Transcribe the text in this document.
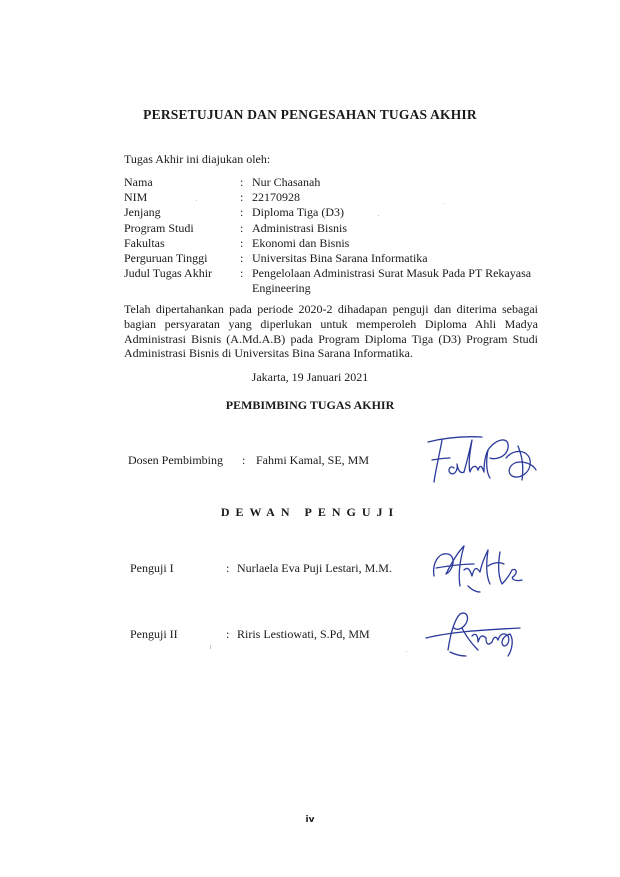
PERSETUJUAN DAN PENGESAHAN TUGAS AKHIR
Tugas Akhir ini diajukan oleh:
Nama	: Nur Chasanah
NIM	: 22170928
Jenjang	: Diploma Tiga (D3)
Program Studi	: Administrasi Bisnis
Fakultas	: Ekonomi dan Bisnis
Perguruan Tinggi	: Universitas Bina Sarana Informatika
Judul Tugas Akhir	: Pengelolaan Administrasi Surat Masuk Pada PT Rekayasa Engineering
Telah dipertahankan pada periode 2020-2 dihadapan penguji dan diterima sebagai bagian persyaratan yang diperlukan untuk memperoleh Diploma Ahli Madya Administrasi Bisnis (A.Md.A.B) pada Program Diploma Tiga (D3) Program Studi Administrasi Bisnis di Universitas Bina Sarana Informatika.
Jakarta, 19 Januari 2021
PEMBIMBING TUGAS AKHIR
Dosen Pembimbing	: Fahmi Kamal, SE, MM
DEWAN PENGUJI
Penguji I	: Nurlaela Eva Puji Lestari, M.M.
Penguji II	: Riris Lestiowati, S.Pd, MM
iv
